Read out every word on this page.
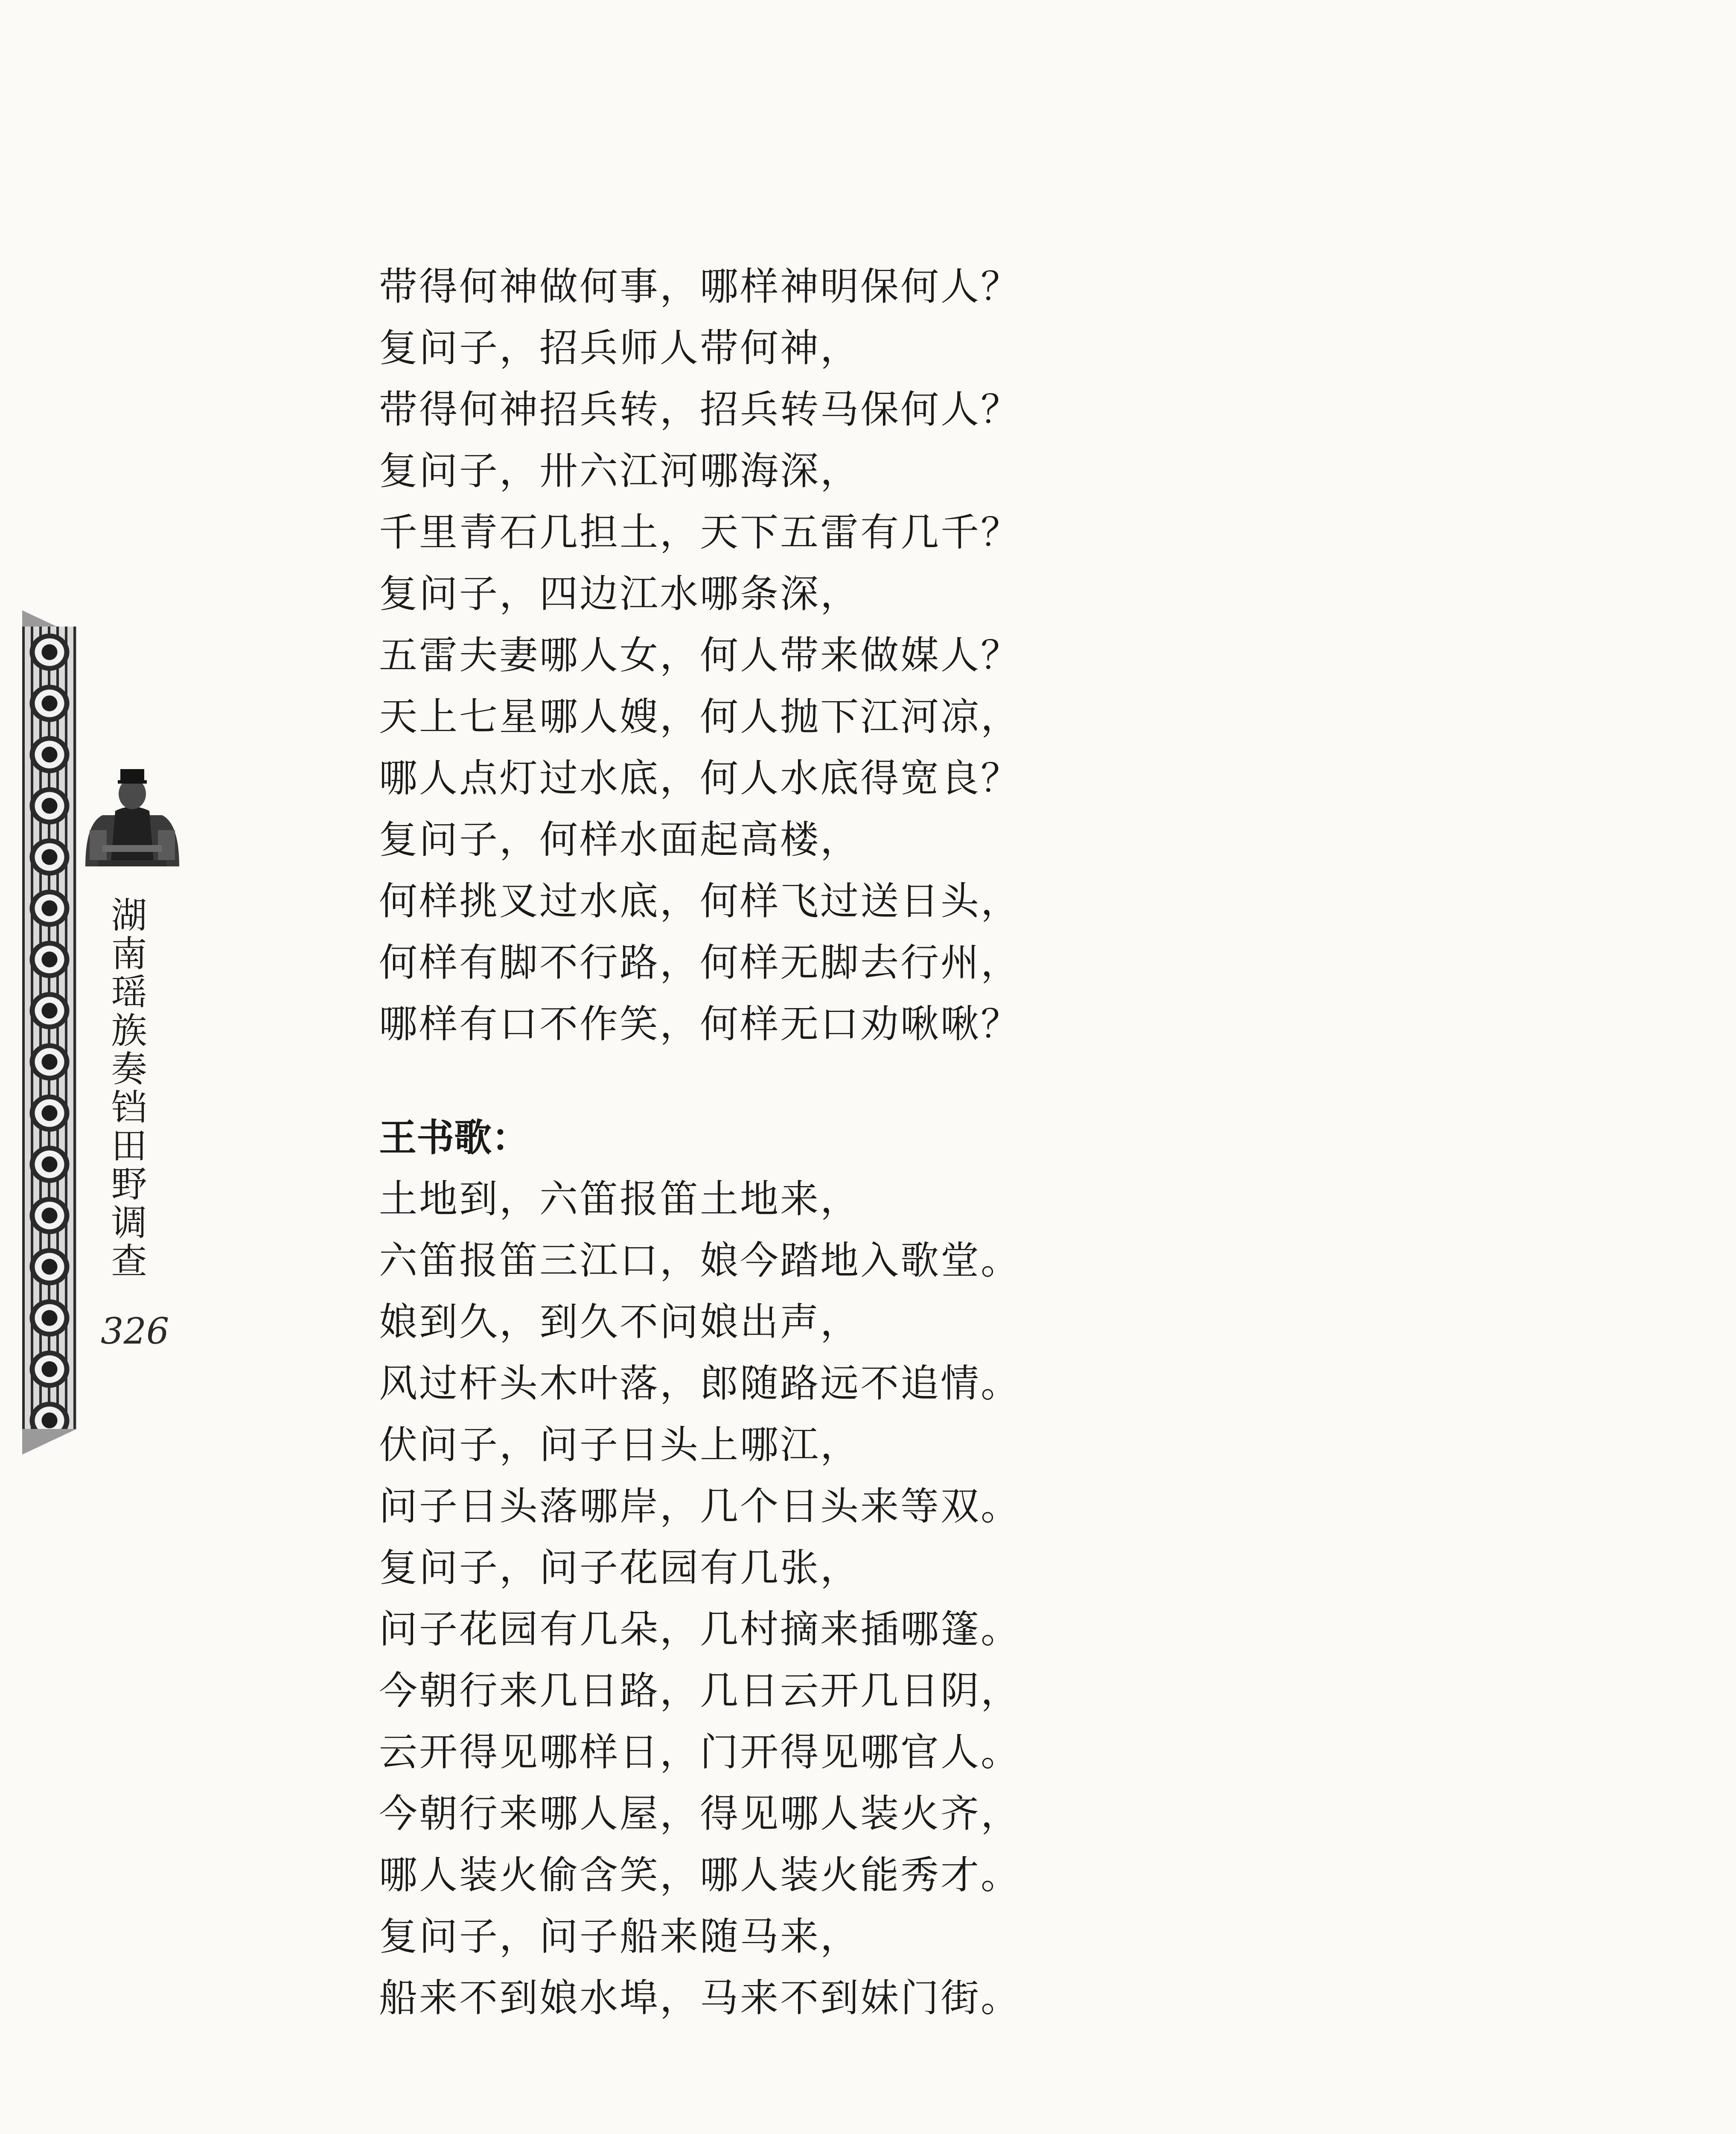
湖南瑶族奏铛田野调查
326
带得何神做何事，哪样神明保何人？
复问子，招兵师人带何神，
带得何神招兵转，招兵转马保何人？
复问子，卅六江河哪海深，
千里青石几担土，天下五雷有几千？
复问子，四边江水哪条深，
五雷夫妻哪人女，何人带来做媒人？
天上七星哪人嫂，何人抛下江河凉，
哪人点灯过水底，何人水底得宽良？
复问子，何样水面起高楼，
何样挑叉过水底，何样飞过送日头，
何样有脚不行路，何样无脚去行州，
哪样有口不作笑，何样无口劝啾啾？
王书歌：
土地到，六笛报笛土地来，
六笛报笛三江口，娘今踏地入歌堂。
娘到久，到久不问娘出声，
风过杆头木叶落，郎随路远不追情。
伏问子，问子日头上哪江，
问子日头落哪岸，几个日头来等双。
复问子，问子花园有几张，
问子花园有几朵，几村摘来插哪篷。
今朝行来几日路，几日云开几日阴，
云开得见哪样日，门开得见哪官人。
今朝行来哪人屋，得见哪人装火齐，
哪人装火偷含笑，哪人装火能秀才。
复问子，问子船来随马来，
船来不到娘水埠，马来不到妹门街。
